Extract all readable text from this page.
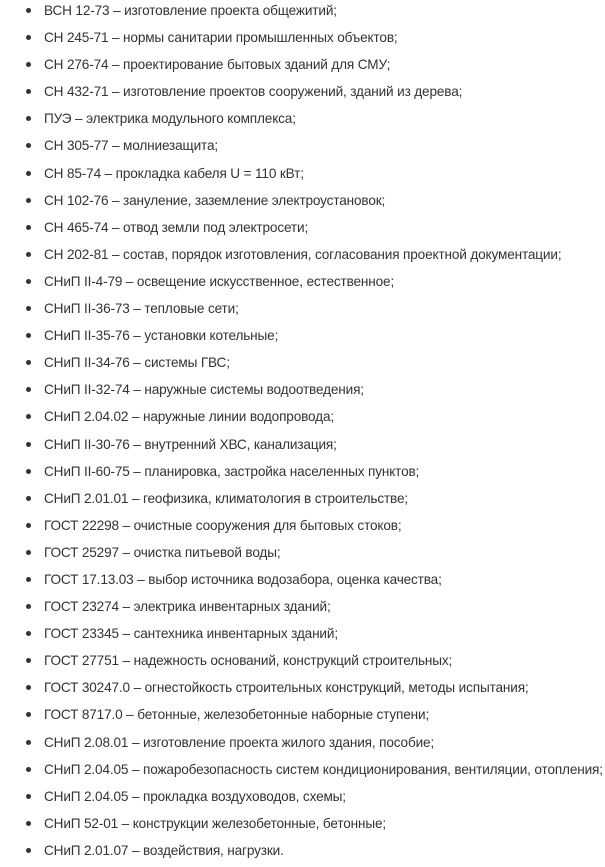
ВСН 12-73 – изготовление проекта общежитий;
СН 245-71 – нормы санитарии промышленных объектов;
СН 276-74 – проектирование бытовых зданий для СМУ;
СН 432-71 – изготовление проектов сооружений, зданий из дерева;
ПУЭ – электрика модульного комплекса;
СН 305-77 – молниезащита;
СН 85-74 – прокладка кабеля U = 110 кВт;
СН 102-76 – зануление, заземление электроустановок;
СН 465-74 – отвод земли под электросети;
СН 202-81 – состав, порядок изготовления, согласования проектной документации;
СНиП II-4-79 – освещение искусственное, естественное;
СНиП II-36-73 – тепловые сети;
СНиП II-35-76 – установки котельные;
СНиП II-34-76 – системы ГВС;
СНиП II-32-74 – наружные системы водоотведения;
СНиП 2.04.02 – наружные линии водопровода;
СНиП II-30-76 – внутренний ХВС, канализация;
СНиП II-60-75 – планировка, застройка населенных пунктов;
СНиП 2.01.01 – геофизика, климатология в строительстве;
ГОСТ 22298 – очистные сооружения для бытовых стоков;
ГОСТ 25297 – очистка питьевой воды;
ГОСТ 17.13.03 – выбор источника водозабора, оценка качества;
ГОСТ 23274 – электрика инвентарных зданий;
ГОСТ 23345 – сантехника инвентарных зданий;
ГОСТ 27751 – надежность оснований, конструкций строительных;
ГОСТ 30247.0 – огнестойкость строительных конструкций, методы испытания;
ГОСТ 8717.0 – бетонные, железобетонные наборные ступени;
СНиП 2.08.01 – изготовление проекта жилого здания, пособие;
СНиП 2.04.05 – пожаробезопасность систем кондиционирования, вентиляции, отопления;
СНиП 2.04.05 – прокладка воздуховодов, схемы;
СНиП 52-01 – конструкции железобетонные, бетонные;
СНиП 2.01.07 – воздействия, нагрузки.
